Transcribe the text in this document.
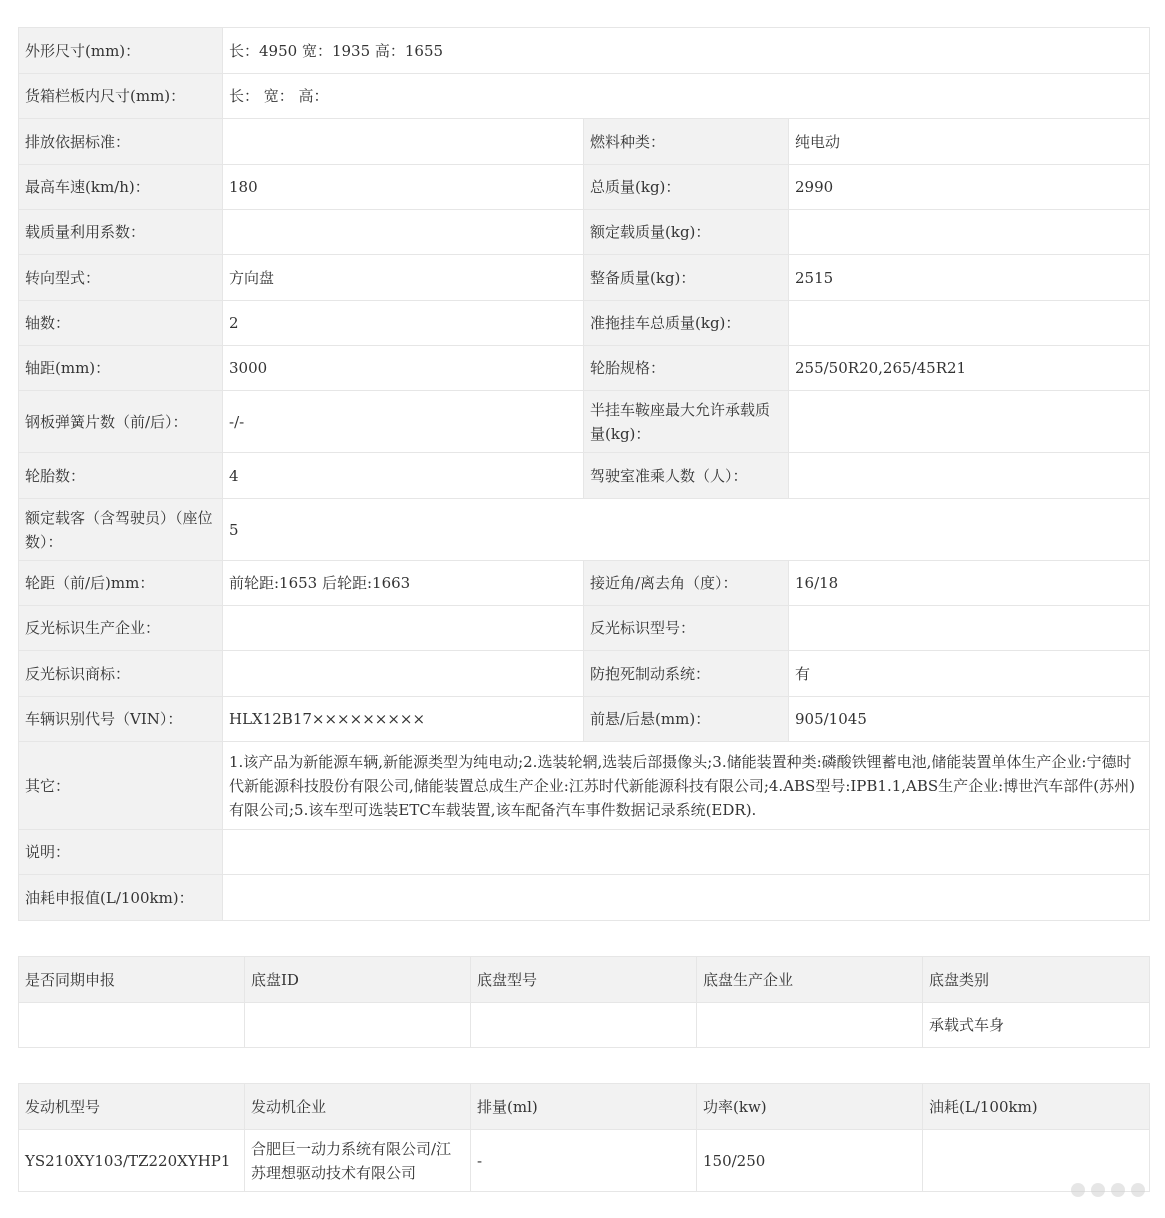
外形尺寸(mm)：	长：4950 宽：1935 高：1655		
货箱栏板内尺寸(mm)：	长： 宽： 高：		
排放依据标准：		燃料种类：	纯电动
最高车速(km/h)：	180	总质量(kg)：	2990
载质量利用系数：		额定载质量(kg)：	
转向型式：	方向盘	整备质量(kg)：	2515
轴数：	2	准拖挂车总质量(kg)：	
轴距(mm)：	3000	轮胎规格：	255/50R20,265/45R21
钢板弹簧片数（前/后）：	-/-	半挂车鞍座最大允许承载质量(kg)：	
轮胎数：	4	驾驶室准乘人数（人）：	
额定载客（含驾驶员）（座位数）：	5		
轮距（前/后)mm：	前轮距:1653 后轮距:1663	接近角/离去角（度）：	16/18
反光标识生产企业：		反光标识型号：	
反光标识商标：		防抱死制动系统：	有
车辆识别代号（VIN）：	HLX12B17×××××××××	前悬/后悬(mm)：	905/1045
其它：	1.该产品为新能源车辆,新能源类型为纯电动;2.选装轮辋,选装后部摄像头;3.储能装置种类:磷酸铁锂蓄电池,储能装置单体生产企业:宁德时代新能源科技股份有限公司,储能装置总成生产企业:江苏时代新能源科技有限公司;4.ABS型号:IPB1.1,ABS生产企业:博世汽车部件(苏州)有限公司;5.该车型可选装ETC车载装置,该车配备汽车事件数据记录系统(EDR).		
说明：			
油耗申报值(L/100km)：			
是否同期申报	底盘ID	底盘型号	底盘生产企业	底盘类别
				承载式车身
发动机型号	发动机企业	排量(ml)	功率(kw)	油耗(L/100km)
YS210XY103/TZ220XYHP1	合肥巨一动力系统有限公司/江苏理想驱动技术有限公司	-	150/250	
